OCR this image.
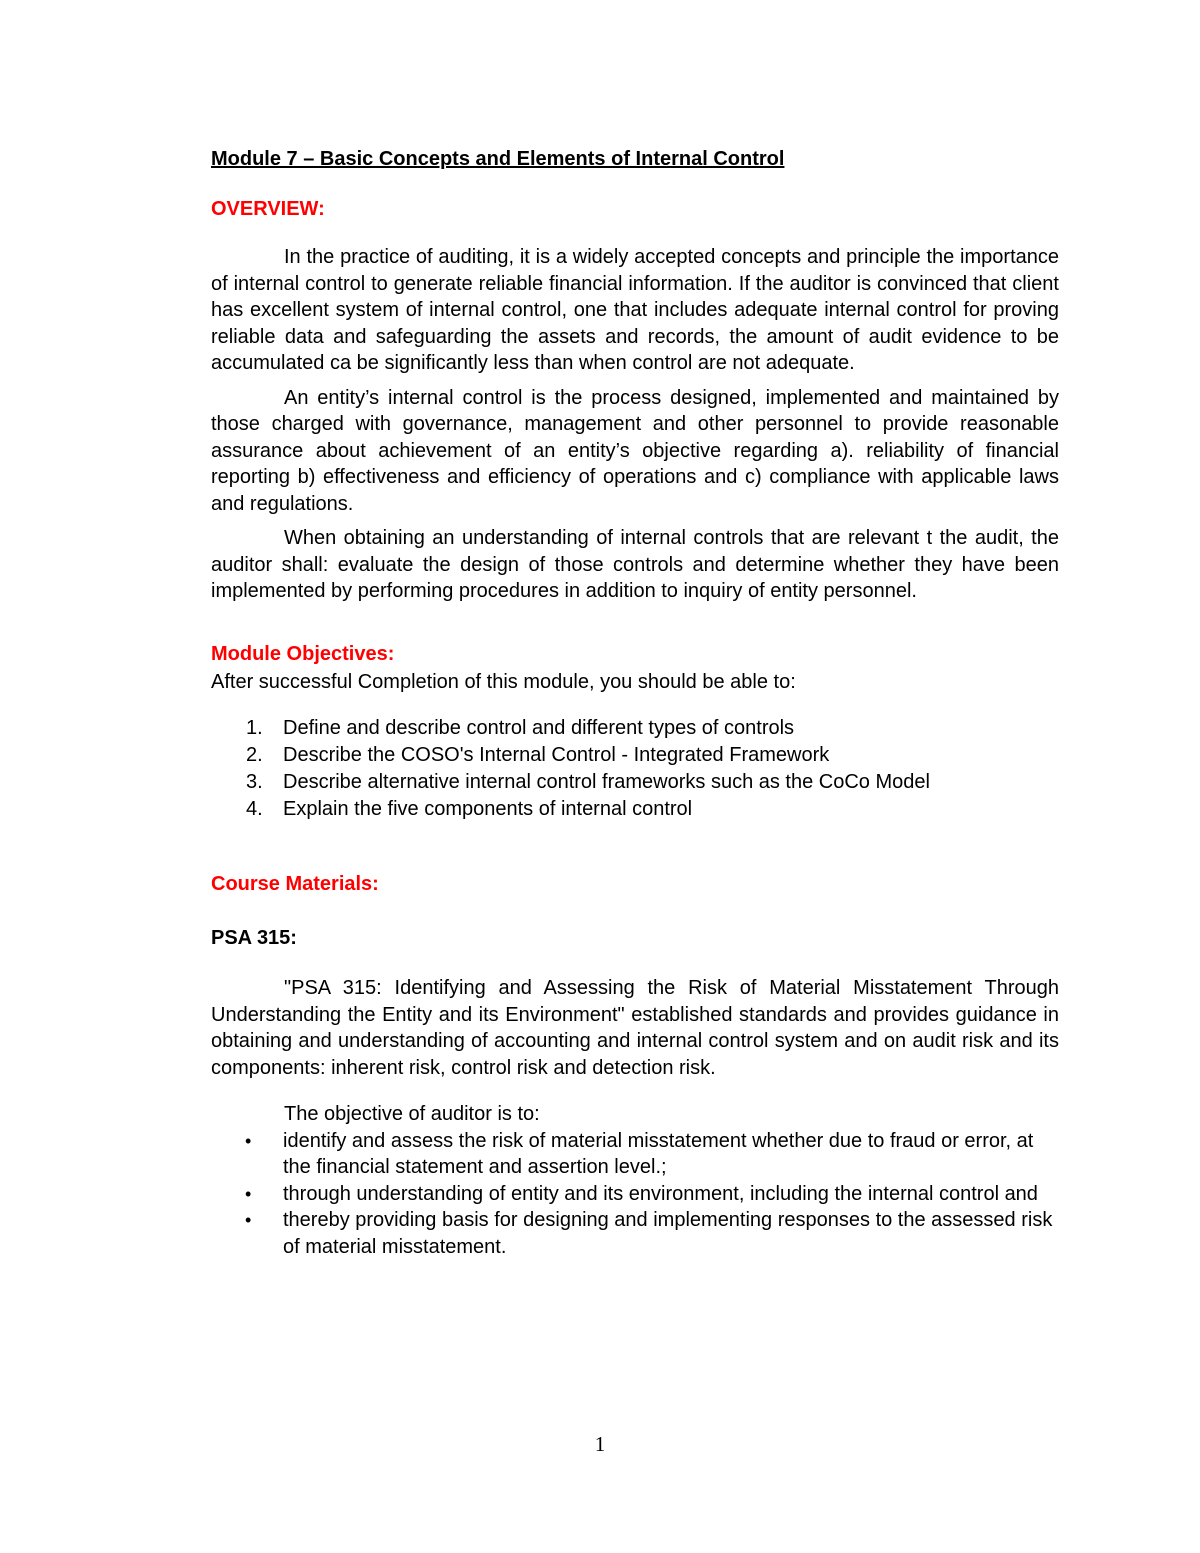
Module 7 – Basic Concepts and Elements of Internal Control

OVERVIEW:

In the practice of auditing, it is a widely accepted concepts and principle the importance of internal control to generate reliable financial information. If the auditor is convinced that client has excellent system of internal control, one that includes adequate internal control for proving reliable data and safeguarding the assets and records, the amount of audit evidence to be accumulated ca be significantly less than when control are not adequate.

An entity’s internal control is the process designed, implemented and maintained by those charged with governance, management and other personnel to provide reasonable assurance about achievement of an entity’s objective regarding a). reliability of financial reporting b) effectiveness and efficiency of operations and c) compliance with applicable laws and regulations.

When obtaining an understanding of internal controls that are relevant t the audit, the auditor shall: evaluate the design of those controls and determine whether they have been implemented by performing procedures in addition to inquiry of entity personnel.

Module Objectives:

After successful Completion of this module, you should be able to:

1. Define and describe control and different types of controls
2. Describe the COSO's Internal Control - Integrated Framework
3. Describe alternative internal control frameworks such as the CoCo Model
4. Explain the five components of internal control

Course Materials:

PSA 315:

"PSA 315: Identifying and Assessing the Risk of Material Misstatement Through Understanding the Entity and its Environment" established standards and provides guidance in obtaining and understanding of accounting and internal control system and on audit risk and its components: inherent risk, control risk and detection risk.

The objective of auditor is to:

• identify and assess the risk of material misstatement whether due to fraud or error, at the financial statement and assertion level.;
• through understanding of entity and its environment, including the internal control and
• thereby providing basis for designing and implementing responses to the assessed risk of material misstatement.
1
